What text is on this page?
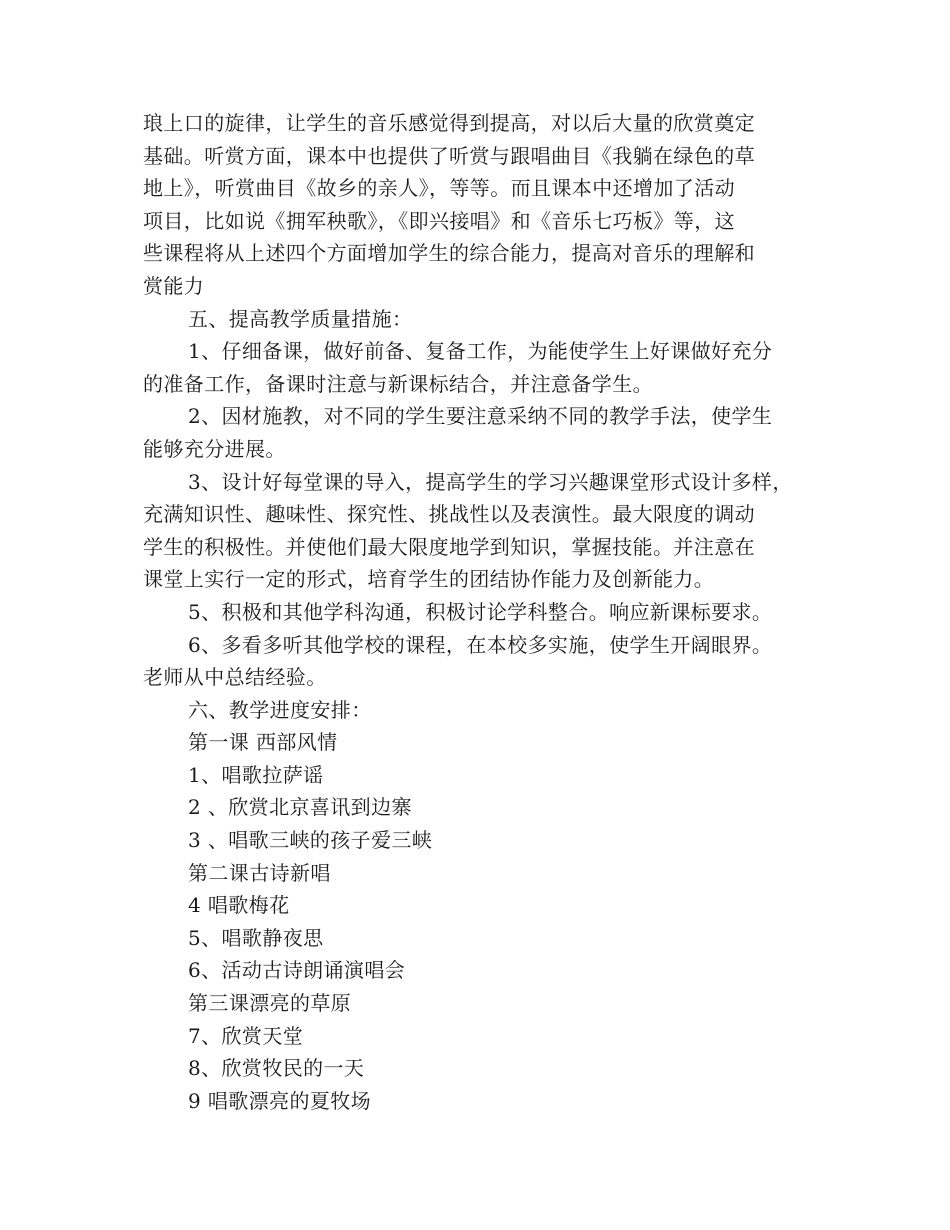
琅上口的旋律，让学生的音乐感觉得到提高，对以后大量的欣赏奠定
基础。听赏方面，课本中也提供了听赏与跟唱曲目《我躺在绿色的草
地上》，听赏曲目《故乡的亲人》，等等。而且课本中还增加了活动
项目，比如说《拥军秧歌》，《即兴接唱》和《音乐七巧板》等，这
些课程将从上述四个方面增加学生的综合能力，提高对音乐的理解和
赏能力
五、提高教学质量措施：
1、仔细备课，做好前备、复备工作，为能使学生上好课做好充分
的准备工作，备课时注意与新课标结合，并注意备学生。
2、因材施教，对不同的学生要注意采纳不同的教学手法，使学生
能够充分进展。
3、设计好每堂课的导入，提高学生的学习兴趣课堂形式设计多样，
充满知识性、趣味性、探究性、挑战性以及表演性。最大限度的调动
学生的积极性。并使他们最大限度地学到知识，掌握技能。并注意在
课堂上实行一定的形式，培育学生的团结协作能力及创新能力。
5、积极和其他学科沟通，积极讨论学科整合。响应新课标要求。
6、多看多听其他学校的课程，在本校多实施，使学生开阔眼界。
老师从中总结经验。
六、教学进度安排：
第一课 西部风情
1、唱歌拉萨谣
2 、欣赏北京喜讯到边寨
3 、唱歌三峡的孩子爱三峡
第二课古诗新唱
4 唱歌梅花
5、唱歌静夜思
6、活动古诗朗诵演唱会
第三课漂亮的草原
7、欣赏天堂
8、欣赏牧民的一天
9 唱歌漂亮的夏牧场
